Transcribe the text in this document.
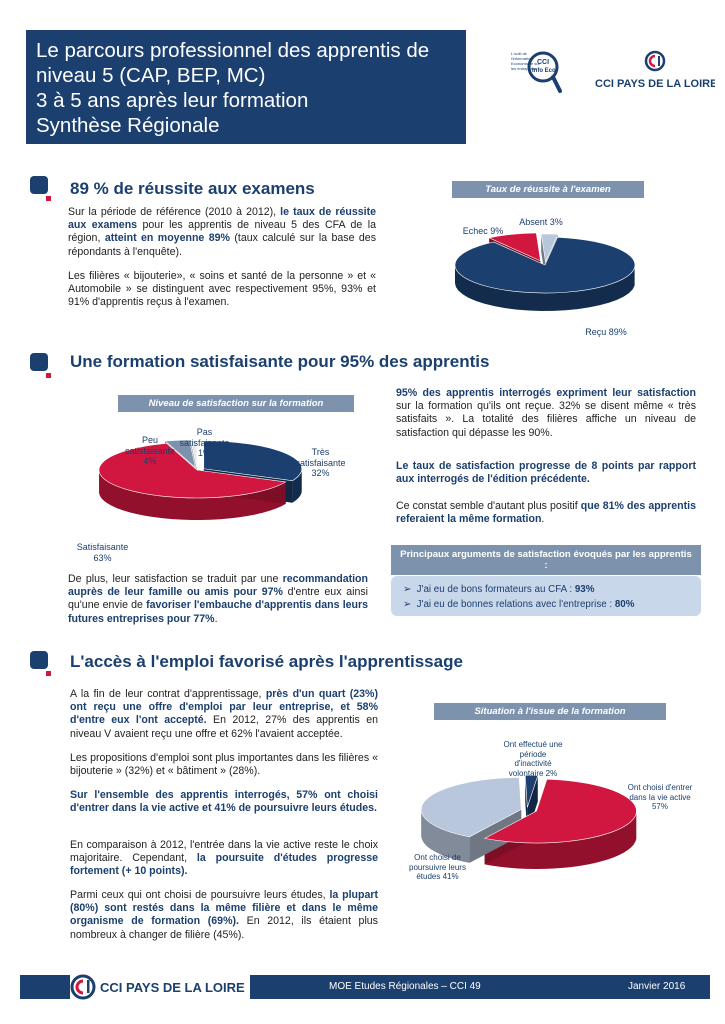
Le parcours professionnel des apprentis de
niveau 5 (CAP, BEP, MC)
3 à 5 ans après leur formation
Synthèse Régionale
L'outil de
l'information
Economique sur
les entreprises
CCI
Info Eco
CCI PAYS DE LA LOIRE
89 % de réussite aux examens
Sur la période de référence (2010 à 2012), le taux de réussite aux examens pour les apprentis de niveau 5 des CFA de la région, atteint en moyenne 89% (taux calculé sur la base des répondants à l'enquête).
Les filières « bijouterie», « soins et santé de la personne » et « Automobile » se distinguent avec respectivement 95%, 93% et 91% d'apprentis reçus à l'examen.
Taux de réussite à l'examen
Echec 9%
Absent 3%
Reçu 89%
Une formation satisfaisante pour 95% des apprentis
Niveau de satisfaction sur la formation
Peu
satisfaisante
4%
Pas
satisfaisante
1%	Très
satisfaisante
32%
Satisfaisante
63%
De plus, leur satisfaction se traduit par une recommandation auprès de leur famille ou amis pour 97% d'entre eux ainsi qu'une envie de favoriser l'embauche d'apprentis dans leurs futures entreprises pour 77%.
95% des apprentis interrogés expriment leur satisfaction sur la formation qu'ils ont reçue. 32% se disent même « très satisfaits ». La totalité des filières affiche un niveau de satisfaction qui dépasse les 90%.
Le taux de satisfaction progresse de 8 points par rapport aux interrogés de l'édition précédente.
Ce constat semble d'autant plus positif que 81% des apprentis referaient la même formation.
Principaux arguments de satisfaction évoqués par les apprentis :
➢ J'ai eu de bons formateurs au CFA : 93%
➢ J'ai eu de bonnes relations avec l'entreprise : 80%
L'accès à l'emploi favorisé après l'apprentissage
A la fin de leur contrat d'apprentissage, près d'un quart (23%) ont reçu une offre d'emploi par leur entreprise, et 58% d'entre eux l'ont accepté. En 2012, 27% des apprentis en niveau V avaient reçu une offre et 62% l'avaient acceptée.
Les propositions d'emploi sont plus importantes dans les filières « bijouterie » (32%) et « bâtiment » (28%).
Sur l'ensemble des apprentis interrogés, 57% ont choisi d'entrer dans la vie active et 41% de poursuivre leurs études.
En comparaison à 2012, l'entrée dans la vie active reste le choix majoritaire. Cependant, la poursuite d'études progresse fortement (+ 10 points).
Parmi ceux qui ont choisi de poursuivre leurs études, la plupart (80%) sont restés dans la même filière et dans le même organisme de formation (69%). En 2012, ils étaient plus nombreux à changer de filière (45%).
Situation à l'issue de la formation
Ont effectué une
période
d'inactivité
volontaire 2%
Ont choisi d'entrer
dans la vie active
57%
Ont choisi de
poursuivre leurs
études 41%
CCI PAYS DE LA LOIRE	MOE Etudes Régionales – CCI 49	Janvier 2016
